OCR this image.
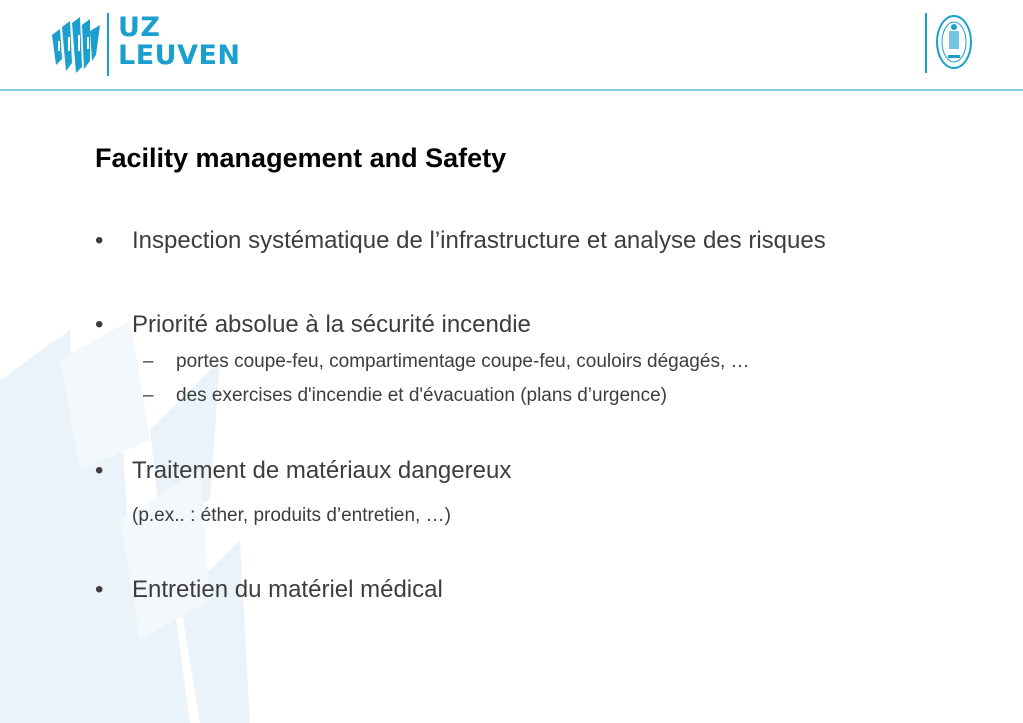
UZ
LEUVEN
Facility management and Safety
•	Inspection systématique de l’infrastructure et analyse des risques
•	Priorité absolue à la sécurité incendie
– portes coupe-feu, compartimentage coupe-feu, couloirs dégagés, …
– des exercises d'incendie et d'évacuation (plans d’urgence)
•	Traitement de matériaux dangereux
(p.ex.. : éther, produits d’entretien, …)
•	Entretien du matériel médical
